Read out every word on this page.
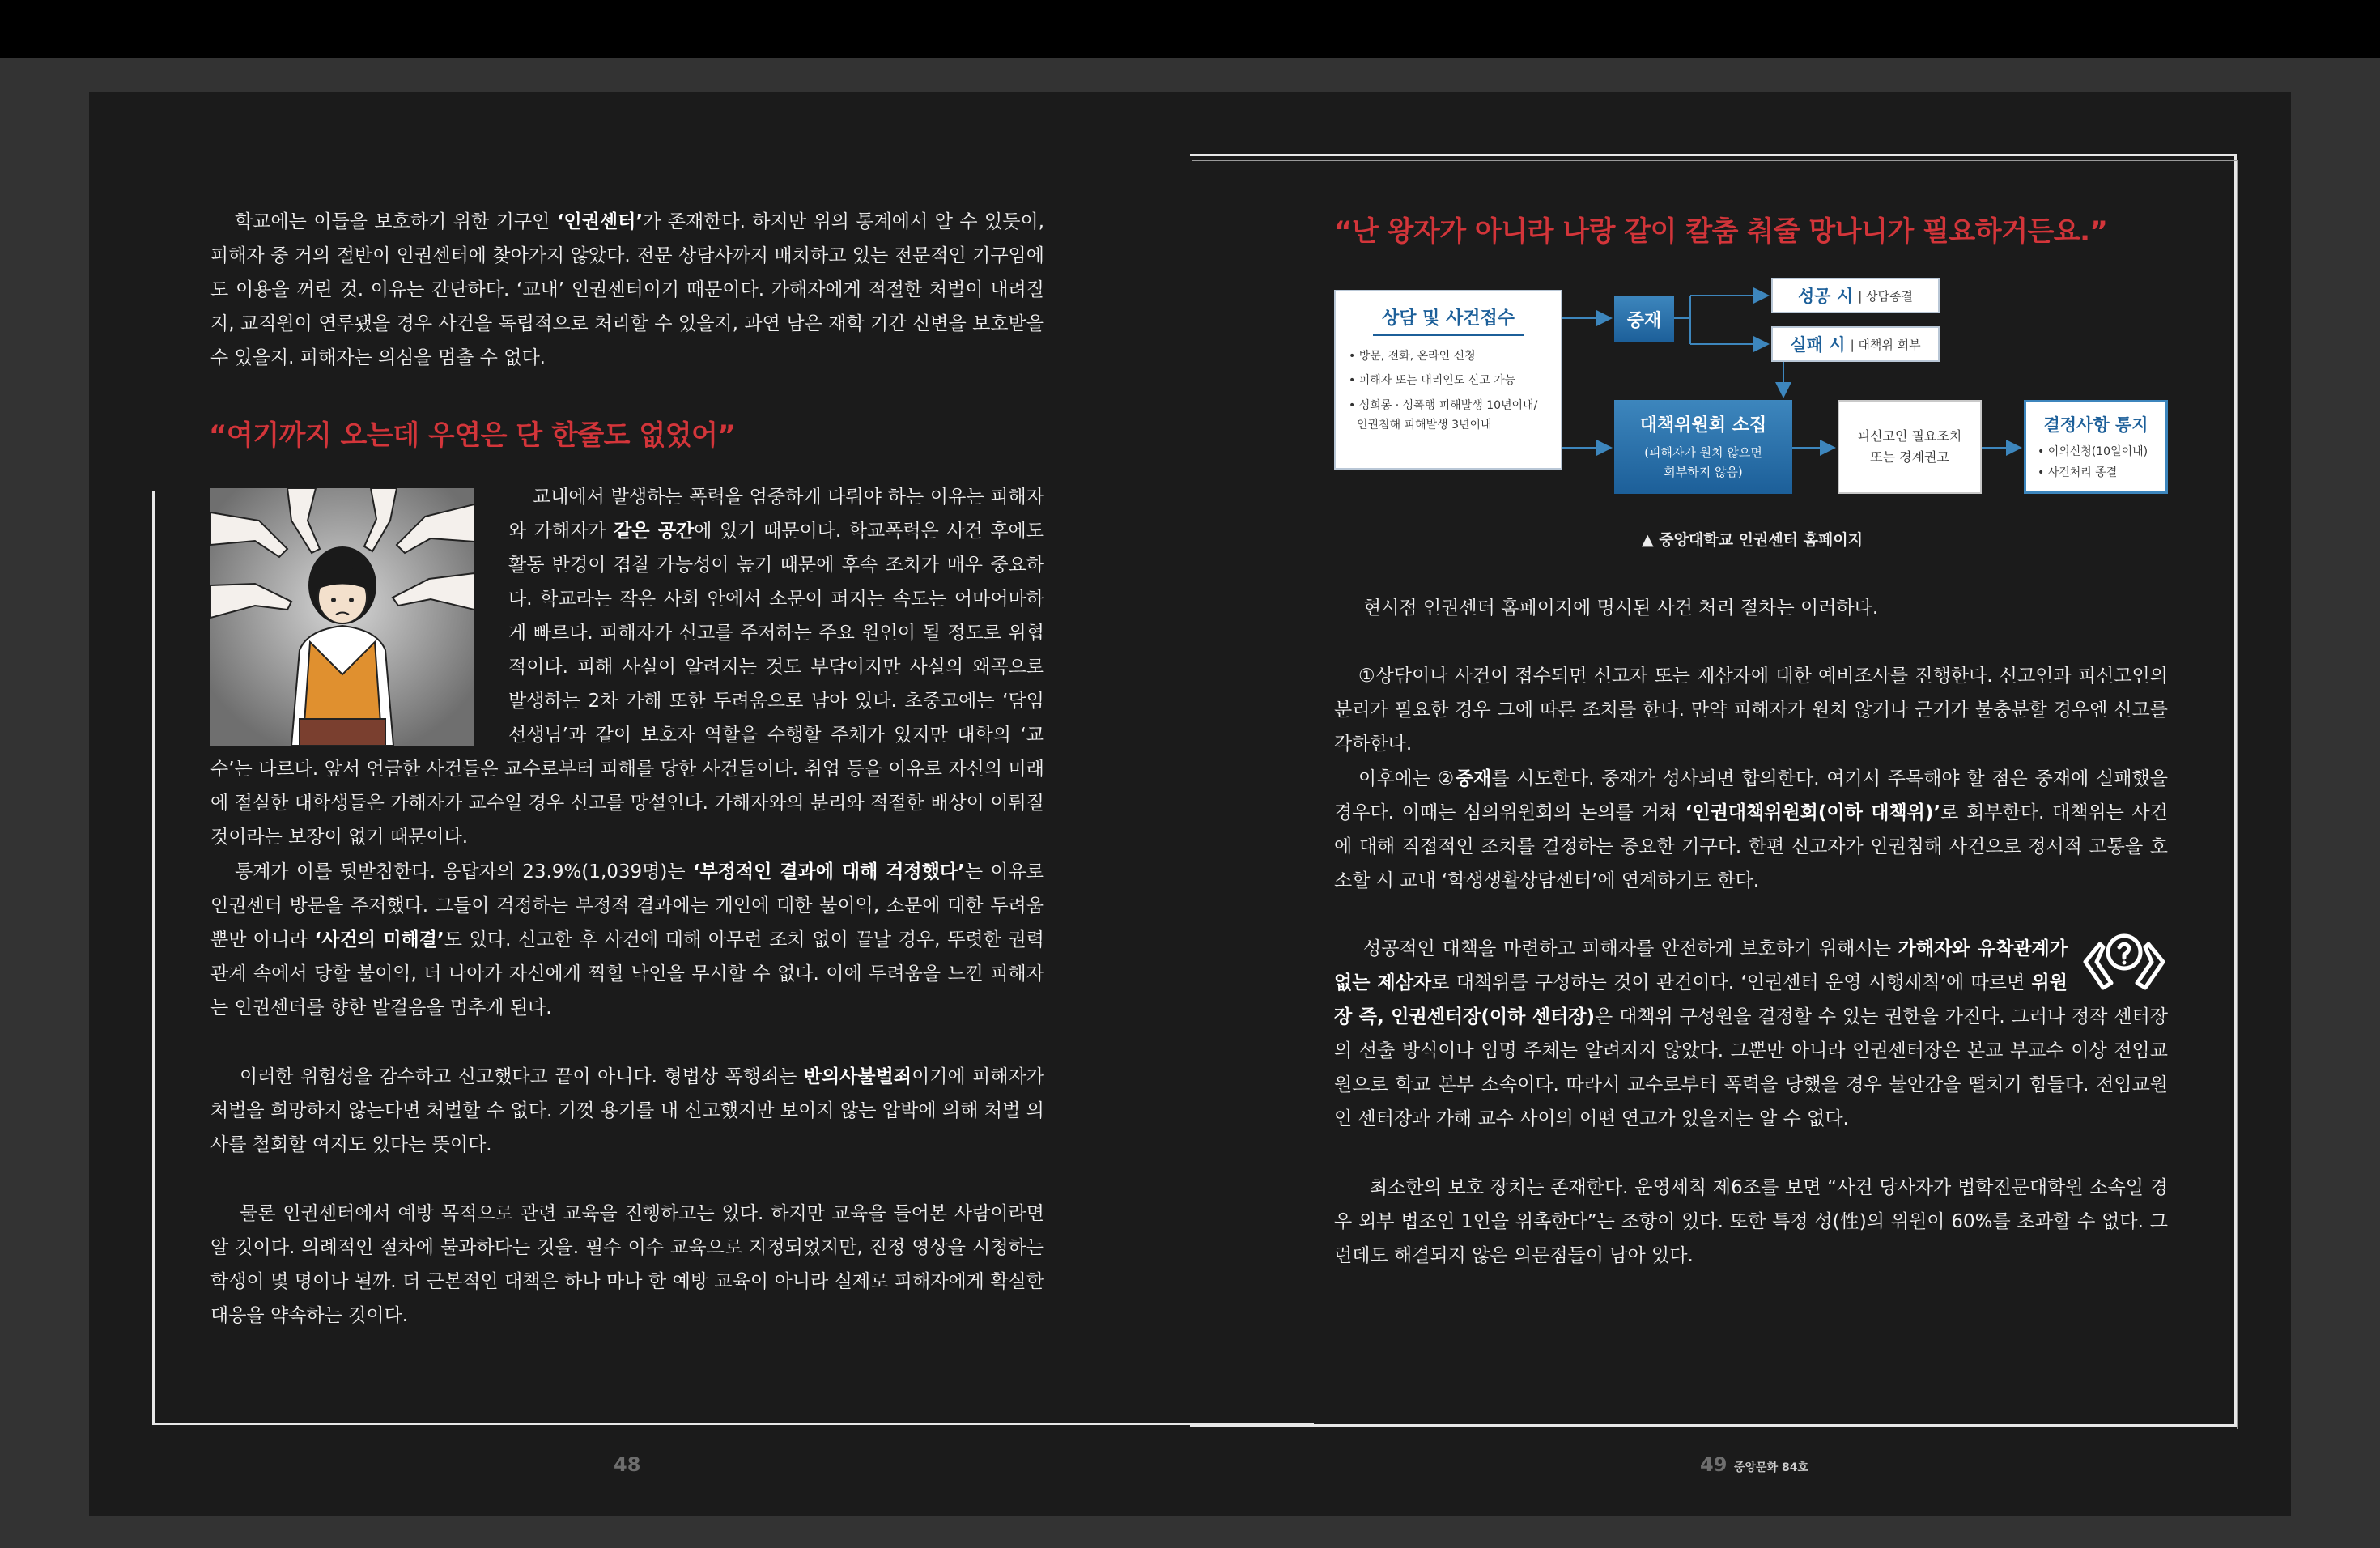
학교에는 이들을 보호하기 위한 기구인 ‘인권센터’가 존재한다. 하지만 위의 통계에서 알 수 있듯이, 피해자 중 거의 절반이 인권센터에 찾아가지 않았다. 전문 상담사까지 배치하고 있는 전문적인 기구임에도 이용을 꺼린 것. 이유는 간단하다. ‘교내’ 인권센터이기 때문이다. 가해자에게 적절한 처벌이 내려질지, 교직원이 연루됐을 경우 사건을 독립적으로 처리할 수 있을지, 과연 남은 재학 기간 신변을 보호받을 수 있을지. 피해자는 의심을 멈출 수 없다.

“여기까지 오는데 우연은 단 한줄도 없었어”

교내에서 발생하는 폭력을 엄중하게 다뤄야 하는 이유는 피해자와 가해자가 같은 공간에 있기 때문이다. 학교폭력은 사건 후에도 활동 반경이 겹칠 가능성이 높기 때문에 후속 조치가 매우 중요하다. 학교라는 작은 사회 안에서 소문이 퍼지는 속도는 어마어마하게 빠르다. 피해자가 신고를 주저하는 주요 원인이 될 정도로 위협적이다. 피해 사실이 알려지는 것도 부담이지만 사실의 왜곡으로 발생하는 2차 가해 또한 두려움으로 남아 있다. 초중고에는 ‘담임선생님’과 같이 보호자 역할을 수행할 주체가 있지만 대학의 ‘교수’는 다르다. 앞서 언급한 사건들은 교수로부터 피해를 당한 사건들이다. 취업 등을 이유로 자신의 미래에 절실한 대학생들은 가해자가 교수일 경우 신고를 망설인다. 가해자와의 분리와 적절한 배상이 이뤄질 것이라는 보장이 없기 때문이다.

통계가 이를 뒷받침한다. 응답자의 23.9%(1,039명)는 ‘부정적인 결과에 대해 걱정했다’는 이유로 인권센터 방문을 주저했다. 그들이 걱정하는 부정적 결과에는 개인에 대한 불이익, 소문에 대한 두려움뿐만 아니라 ‘사건의 미해결’도 있다. 신고한 후 사건에 대해 아무런 조치 없이 끝날 경우, 뚜렷한 권력관계 속에서 당할 불이익, 더 나아가 자신에게 찍힐 낙인을 무시할 수 없다. 이에 두려움을 느낀 피해자는 인권센터를 향한 발걸음을 멈추게 된다.

이러한 위험성을 감수하고 신고했다고 끝이 아니다. 형법상 폭행죄는 반의사불벌죄이기에 피해자가 처벌을 희망하지 않는다면 처벌할 수 없다. 기껏 용기를 내 신고했지만 보이지 않는 압박에 의해 처벌 의사를 철회할 여지도 있다는 뜻이다.

물론 인권센터에서 예방 목적으로 관련 교육을 진행하고는 있다. 하지만 교육을 들어본 사람이라면 알 것이다. 의례적인 절차에 불과하다는 것을. 필수 이수 교육으로 지정되었지만, 진정 영상을 시청하는 학생이 몇 명이나 될까. 더 근본적인 대책은 하나 마나 한 예방 교육이 아니라 실제로 피해자에게 확실한 대응을 약속하는 것이다.

48
“난 왕자가 아니라 나랑 같이 칼춤 춰줄 망나니가 필요하거든요.”
상담 및 사건접수
• 방문, 전화, 온라인 신청
• 피해자 또는 대리인도 신고 가능
• 성희롱 · 성폭행 피해발생 10년이내/
인권침해 피해발생 3년이내
중재
성공 시 | 상담종결
실패 시 | 대책위 회부
대책위원회 소집
(피해자가 원치 않으면
회부하지 않음)
피신고인 필요조치
또는 경계권고
결정사항 통지
• 이의신청(10일이내)
• 사건처리 종결
▲ 중앙대학교 인권센터 홈페이지

현시점 인권센터 홈페이지에 명시된 사건 처리 절차는 이러하다.

①상담이나 사건이 접수되면 신고자 또는 제삼자에 대한 예비조사를 진행한다. 신고인과 피신고인의 분리가 필요한 경우 그에 따른 조치를 한다. 만약 피해자가 원치 않거나 근거가 불충분할 경우엔 신고를 각하한다.

이후에는 ②중재를 시도한다. 중재가 성사되면 합의한다. 여기서 주목해야 할 점은 중재에 실패했을 경우다. 이때는 심의위원회의 논의를 거쳐 ‘인권대책위원회(이하 대책위)’로 회부한다. 대책위는 사건에 대해 직접적인 조치를 결정하는 중요한 기구다. 한편 신고자가 인권침해 사건으로 정서적 고통을 호소할 시 교내 ‘학생생활상담센터’에 연계하기도 한다.

성공적인 대책을 마련하고 피해자를 안전하게 보호하기 위해서는 가해자와 유착관계가 없는 제삼자로 대책위를 구성하는 것이 관건이다. ‘인권센터 운영 시행세칙’에 따르면 위원장 즉, 인권센터장(이하 센터장)은 대책위 구성원을 결정할 수 있는 권한을 가진다. 그러나 정작 센터장의 선출 방식이나 임명 주체는 알려지지 않았다. 그뿐만 아니라 인권센터장은 본교 부교수 이상 전임교원으로 학교 본부 소속이다. 따라서 교수로부터 폭력을 당했을 경우 불안감을 떨치기 힘들다. 전임교원인 센터장과 가해 교수 사이의 어떤 연고가 있을지는 알 수 없다.

최소한의 보호 장치는 존재한다. 운영세칙 제6조를 보면 “사건 당사자가 법학전문대학원 소속일 경우 외부 법조인 1인을 위촉한다”는 조항이 있다. 또한 특정 성(性)의 위원이 60%를 초과할 수 없다. 그런데도 해결되지 않은 의문점들이 남아 있다.

49 중앙문화 84호
